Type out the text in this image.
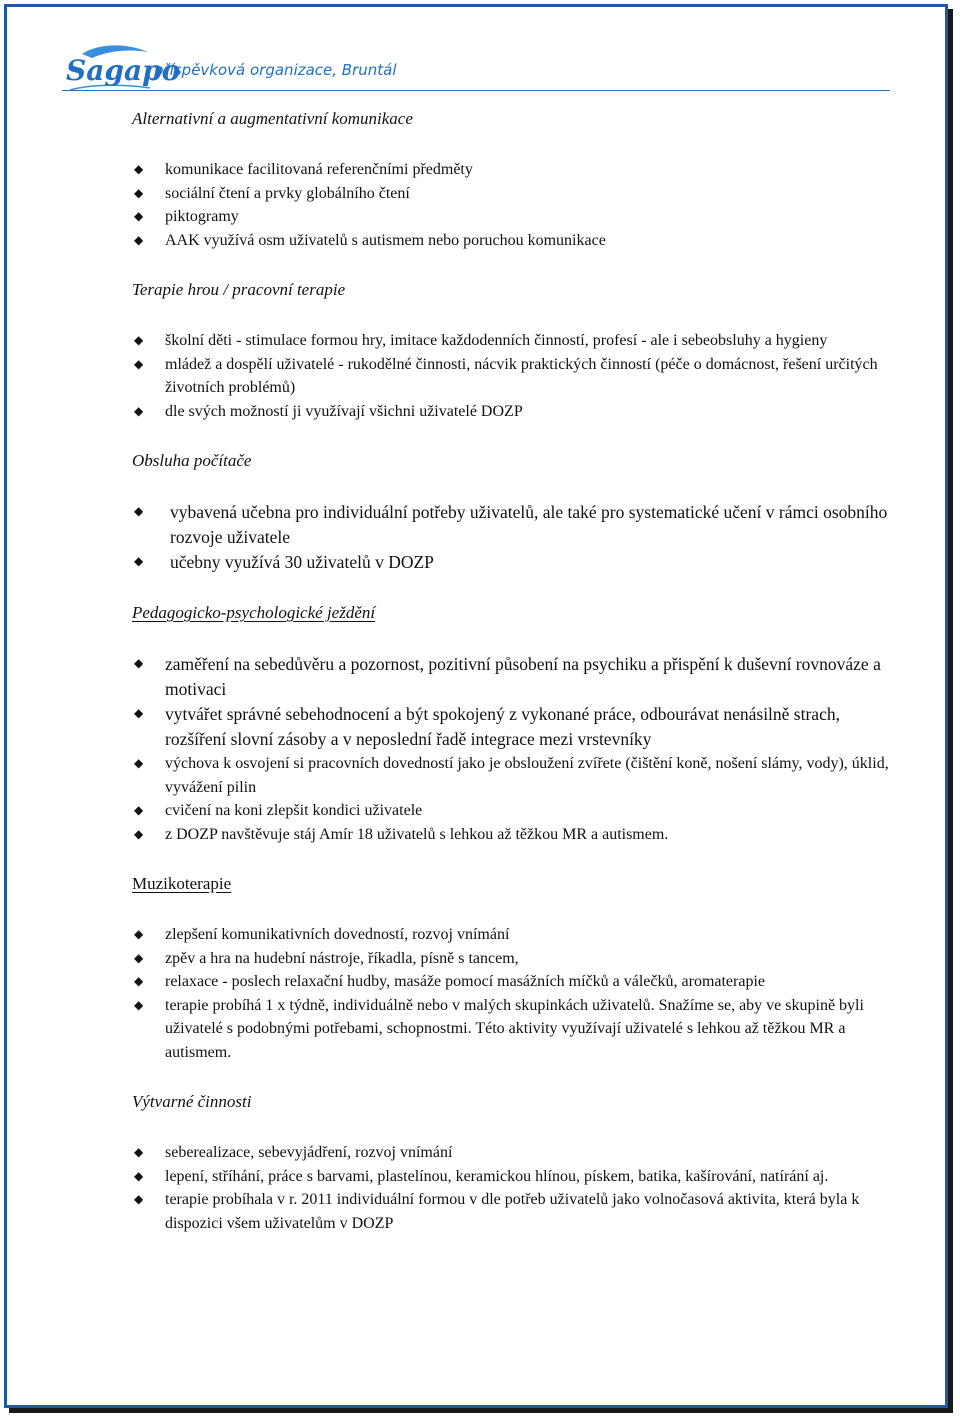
Sagapo
příspěvková organizace, Bruntál
Alternativní a augmentativní komunikace
◆ komunikace facilitovaná referenčními předměty
◆ sociální čtení a prvky globálního čtení
◆ piktogramy
◆ AAK využívá osm uživatelů s autismem nebo poruchou komunikace
Terapie hrou / pracovní terapie
◆ školní děti - stimulace formou hry, imitace každodenních činností, profesí - ale i sebeobsluhy a hygieny
◆ mládež a dospělí uživatelé - rukodělné činnosti, nácvik praktických činností (péče o domácnost, řešení určitých životních problémů)
◆ dle svých možností ji využívají všichni uživatelé DOZP
Obsluha počítače
◆ vybavená učebna pro individuální potřeby uživatelů, ale také pro systematické učení v rámci osobního rozvoje uživatele
◆ učebny využívá 30 uživatelů v DOZP
Pedagogicko-psychologické ježdění
◆ zaměření na sebedůvěru a pozornost, pozitivní působení na psychiku a přispění k duševní rovnováze a motivaci
◆ vytvářet správné sebehodnocení a být spokojený z vykonané práce, odbourávat nenásilně strach, rozšíření slovní zásoby a v neposlední řadě integrace mezi vrstevníky
◆ výchova k osvojení si pracovních dovedností jako je obsloužení zvířete (čištění koně, nošení slámy, vody), úklid, vyvážení pilin
◆ cvičení na koni zlepšit kondici uživatele
◆ z DOZP navštěvuje stáj Amír 18 uživatelů s lehkou až těžkou MR a autismem.
Muzikoterapie
◆ zlepšení komunikativních dovedností, rozvoj vnímání
◆ zpěv a hra na hudební nástroje, říkadla, písně s tancem,
◆ relaxace - poslech relaxační hudby, masáže pomocí masážních míčků a válečků, aromaterapie
◆ terapie probíhá 1 x týdně, individuálně nebo v malých skupinkách uživatelů. Snažíme se, aby ve skupině byli uživatelé s podobnými potřebami, schopnostmi. Této aktivity využívají uživatelé s lehkou až těžkou MR a autismem.
Výtvarné činnosti
◆ seberealizace, sebevyjádření, rozvoj vnímání
◆ lepení, stříhání, práce s barvami, plastelínou, keramickou hlínou, pískem, batika, kašírování, natírání aj.
◆ terapie probíhala v r. 2011 individuální formou v dle potřeb uživatelů jako volnočasová aktivita, která byla k dispozici všem uživatelům v DOZP
